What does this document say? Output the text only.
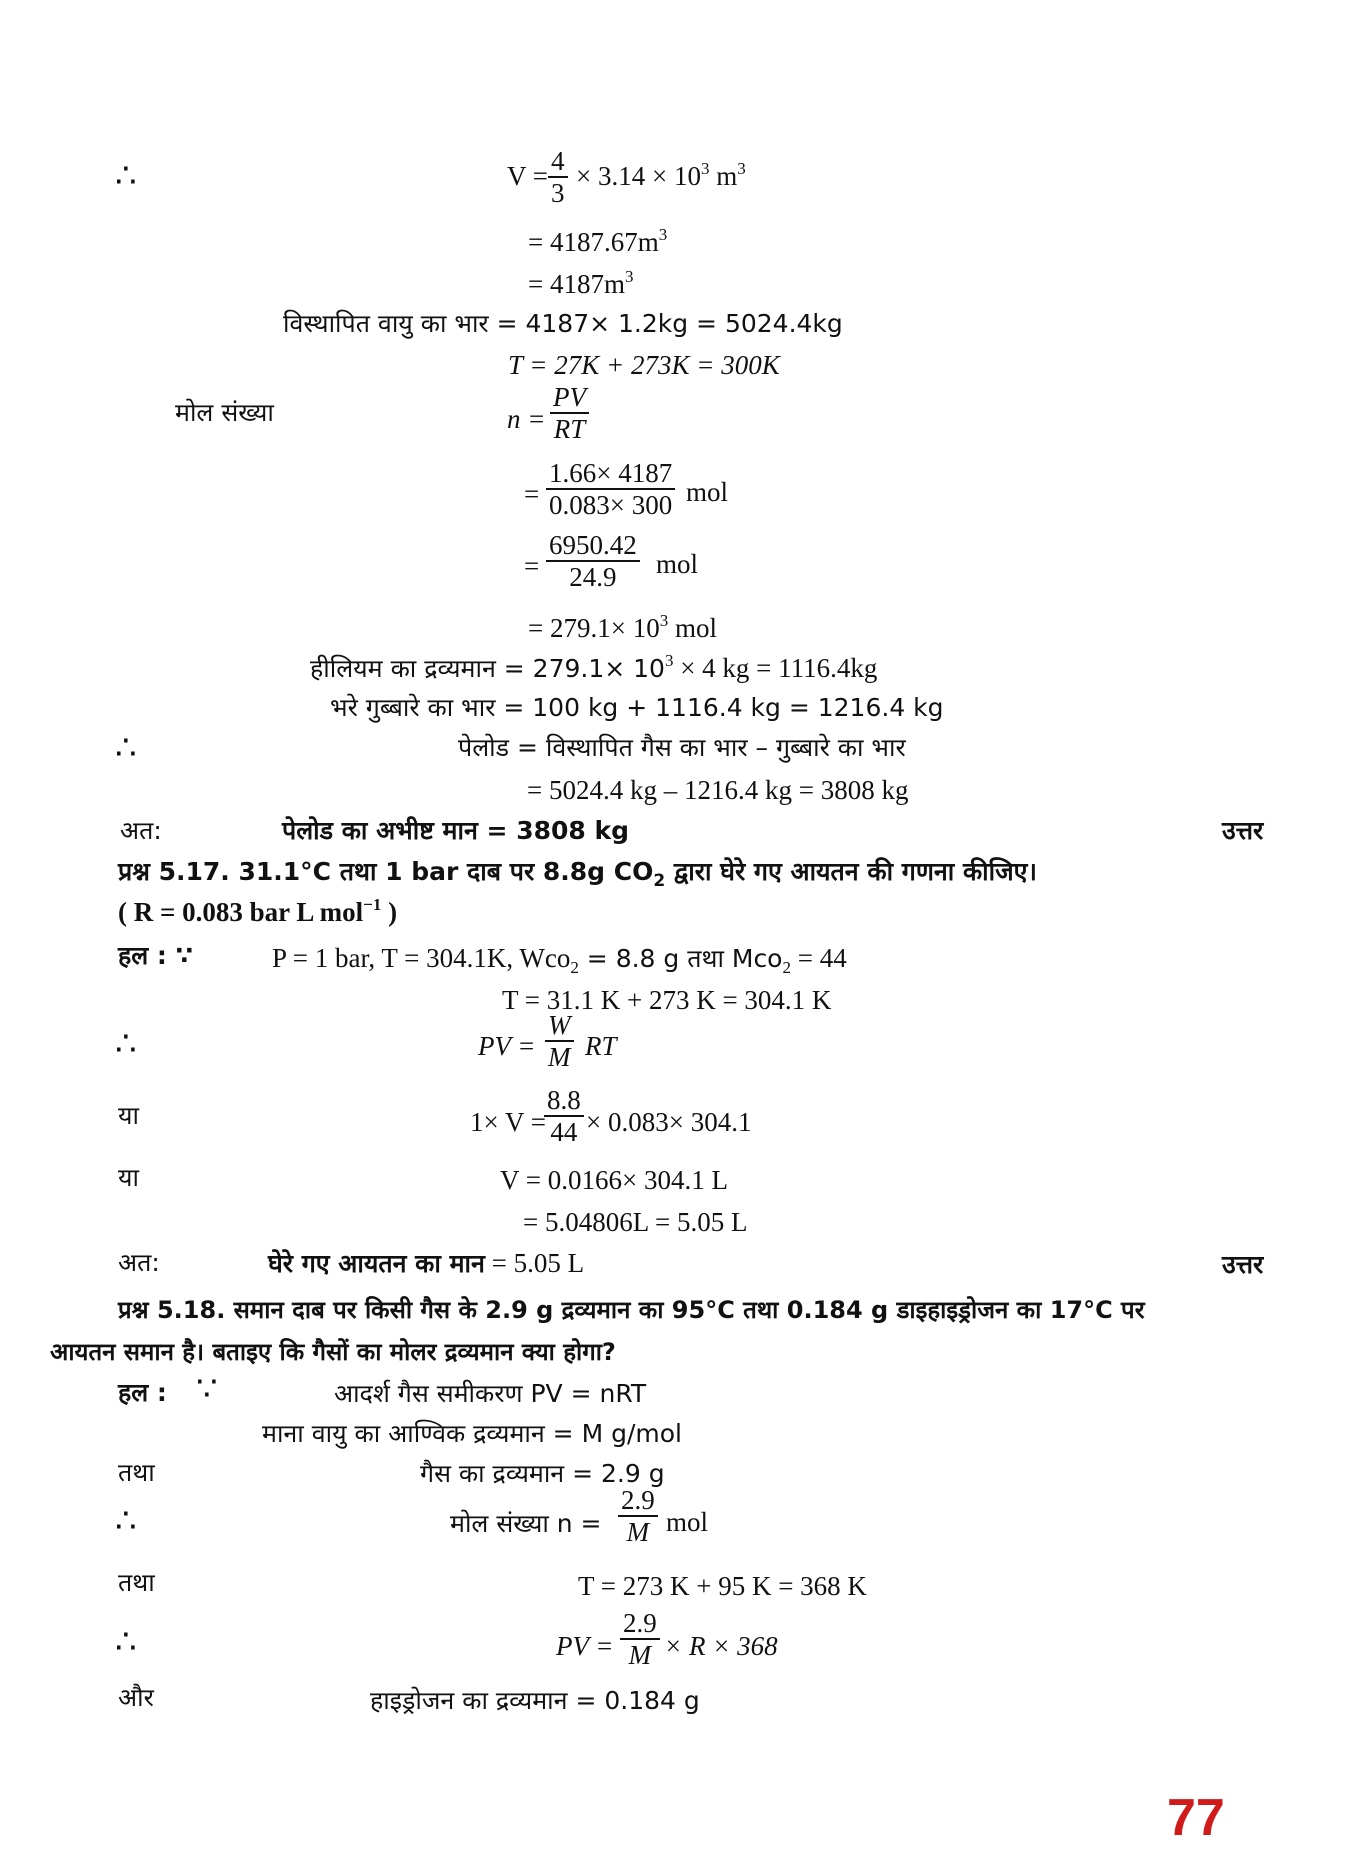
∴	$V = \frac{4}{3} \times 3.14 \times 10^3$ $m^3$
= $4187.67m^3$
= $4187m^3$
विस्थापित वायु का भार = 4187× 1.2kg = 5024.4kg
T = 27K + 273K = 300K
मोल संख्या	$n = \frac{PV}{RT}$
= $\frac{1.66\times 4187}{0.083\times 300}$ mol
= $\frac{6950.42}{24.9}$ mol
= $279.1\times 10^3$ mol
हीलियम का द्रव्यमान = $279.1\times 10^3 \times 4$ kg = 1116.4kg
भरे गुब्बारे का भार = 100 kg + 1116.4 kg = 1216.4 kg
∴	पेलोड = विस्थापित गैस का भार – गुब्बारे का भार
= 5024.4 kg – 1216.4 kg = 3808 kg
अत:	पेलोड का अभीष्ट मान = 3808 kg	उत्तर
प्रश्न 5.17. 31.1°C तथा 1 bar दाब पर 8.8g $CO_2$ द्वारा घेरे गए आयतन की गणना कीजिए।
( R = 0.083 bar L mol$^{-1}$ )
हल : ∵	P = 1 bar, T = 304.1K, Wco$_2$ = 8.8 g तथा Mco$_2$ = 44
T = 31.1 K + 273 K = 304.1 K
∴	PV = $\frac{W}{M}$ RT
या	1× V =
$\frac{8.8}{44} \times 0.083\times 304.1$
या	V = 0.0166× 304.1 L
= 5.04806L = 5.05 L
अत:	घेरे गए आयतन का मान = 5.05 L	उत्तर
प्रश्न 5.18. समान दाब पर किसी गैस के 2.9 g द्रव्यमान का 95°C तथा 0.184 g डाइहाइड्रोजन का 17°C पर
आयतन समान है। बताइए कि गैसों का मोलर द्रव्यमान क्या होगा?
हल : ∵	आदर्श गैस समीकरण PV = nRT
माना वायु का आण्विक द्रव्यमान = M g/mol
तथा	गैस का द्रव्यमान = 2.9 g
∴	मोल संख्या $n = \frac{2.9}{M}$ mol
तथा	T = 273 K + 95 K = 368 K
∴	PV = $\frac{2.9}{M} \times R \times 368$
और	हाइड्रोजन का द्रव्यमान = 0.184 g
77
